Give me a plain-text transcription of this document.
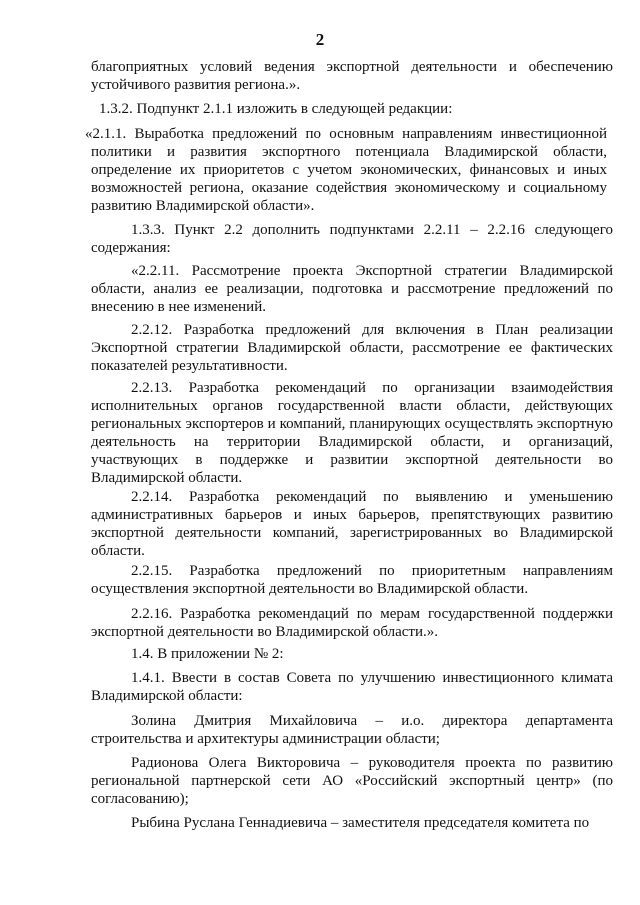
2
благоприятных условий ведения экспортной деятельности и обеспечению устойчивого развития региона.».
1.3.2. Подпункт 2.1.1 изложить в следующей редакции:
«2.1.1. Выработка предложений по основным направлениям инвестиционной политики и развития экспортного потенциала Владимирской области, определение их приоритетов с учетом экономических, финансовых и иных возможностей региона, оказание содействия экономическому и социальному развитию Владимирской области».
1.3.3. Пункт 2.2 дополнить подпунктами 2.2.11 – 2.2.16 следующего содержания:
«2.2.11. Рассмотрение проекта Экспортной стратегии Владимирской области, анализ ее реализации, подготовка и рассмотрение предложений по внесению в нее изменений.
2.2.12. Разработка предложений для включения в План реализации Экспортной стратегии Владимирской области, рассмотрение ее фактических показателей результативности.
2.2.13. Разработка рекомендаций по организации взаимодействия исполнительных органов государственной власти области, действующих региональных экспортеров и компаний, планирующих осуществлять экспортную деятельность на территории Владимирской области, и организаций, участвующих в поддержке и развитии экспортной деятельности во Владимирской области.
2.2.14. Разработка рекомендаций по выявлению и уменьшению административных барьеров и иных барьеров, препятствующих развитию экспортной деятельности компаний, зарегистрированных во Владимирской области.
2.2.15. Разработка предложений по приоритетным направлениям осуществления экспортной деятельности во Владимирской области.
2.2.16. Разработка рекомендаций по мерам государственной поддержки экспортной деятельности во Владимирской области.».
1.4. В приложении № 2:
1.4.1. Ввести в состав Совета по улучшению инвестиционного климата Владимирской области:
Золина Дмитрия Михайловича – и.о. директора департамента строительства и архитектуры администрации области;
Радионова Олега Викторовича – руководителя проекта по развитию региональной партнерской сети АО «Российский экспортный центр» (по согласованию);
Рыбина Руслана Геннадиевича – заместителя председателя комитета по
